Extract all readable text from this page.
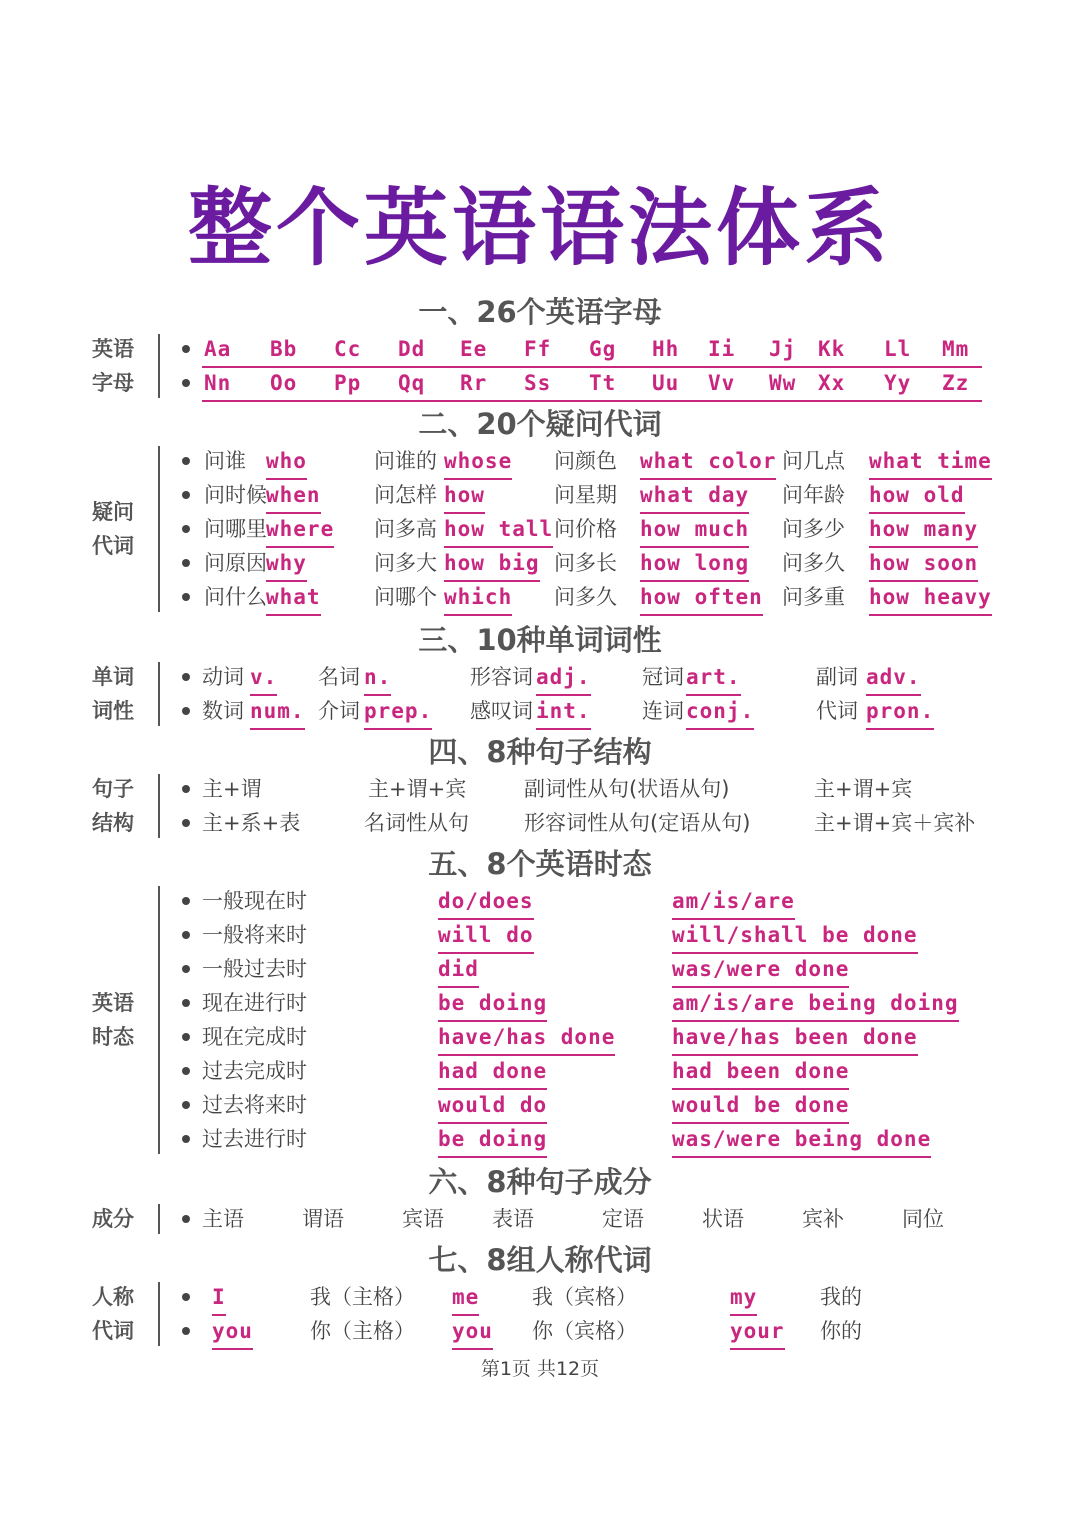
整个英语语法体系
一、26个英语字母
英语
字母
Aa Bb Cc Dd Ee Ff Gg Hh Ii Jj Kk Ll Mm
Nn Oo Pp Qq Rr Ss Tt Uu Vv Ww Xx Yy Zz
二、20个疑问代词
疑问
代词
问谁 who	问谁的 whose 问颜色 what color 问几点 what time
问时候 when	问怎样 how	问星期 what day 问年龄 how old
问哪里 where 问多高 how tall 问价格 how much 问多少 how many
问原因 why	问多大 how big 问多长 how long 问多久 how soon
问什么 what	问哪个 which 问多久 how often 问多重 how heavy
三、10种单词词性
单词
词性
动词 v. 名词 n.	形容词 adj. 冠词 art.	副词 adv.
数词 num. 介词 prep. 感叹词 int. 连词 conj.	代词 pron.
四、8种句子结构
句子
结构
主+谓	主+谓+宾	副词性从句(状语从句)	主+谓+宾
主+系+表	名词性从句	形容词性从句(定语从句)	主+谓+宾＋宾补
五、8个英语时态
英语
时态
一般现在时	do/does	am/is/are
一般将来时	will do	will/shall be done
一般过去时	did	was/were done
现在进行时	be doing	am/is/are being doing
现在完成时	have/has done	have/has been done
过去完成时	had done	had been done
过去将来时	would do	would be done
过去进行时	be doing	was/were being done
六、8种句子成分
成分	主语	谓语	宾语 表语	定语	状语	宾补	同位
七、8组人称代词
人称
代词
I	我（主格） me	我（宾格）	my	我的
you	你（主格） you 你（宾格）	your 你的
第1页 共12页
